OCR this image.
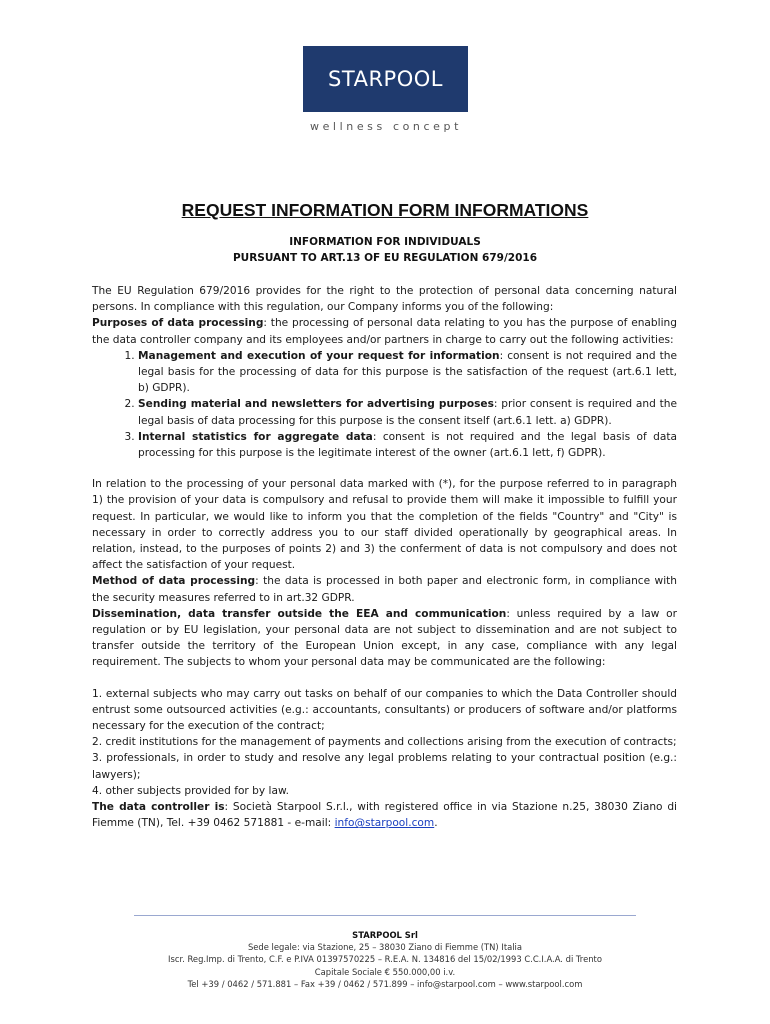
STARPOOL
wellness concept
REQUEST INFORMATION FORM INFORMATIONS
INFORMATION FOR INDIVIDUALS
PURSUANT TO ART.13 OF EU REGULATION 679/2016

The EU Regulation 679/2016 provides for the right to the protection of personal data concerning natural persons. In compliance with this regulation, our Company informs you of the following:

Purposes of data processing: the processing of personal data relating to you has the purpose of enabling the data controller company and its employees and/or partners in charge to carry out the following activities:

1. Management and execution of your request for information: consent is not required and the legal basis for the processing of data for this purpose is the satisfaction of the request (art.6.1 lett, b) GDPR).
2. Sending material and newsletters for advertising purposes: prior consent is required and the legal basis of data processing for this purpose is the consent itself (art.6.1 lett. a) GDPR).
3. Internal statistics for aggregate data: consent is not required and the legal basis of data processing for this purpose is the legitimate interest of the owner (art.6.1 lett, f) GDPR).

In relation to the processing of your personal data marked with (*), for the purpose referred to in paragraph 1) the provision of your data is compulsory and refusal to provide them will make it impossible to fulfill your request. In particular, we would like to inform you that the completion of the fields "Country" and "City" is necessary in order to correctly address you to our staff divided operationally by geographical areas. In relation, instead, to the purposes of points 2) and 3) the conferment of data is not compulsory and does not affect the satisfaction of your request.

Method of data processing: the data is processed in both paper and electronic form, in compliance with the security measures referred to in art.32 GDPR.

Dissemination, data transfer outside the EEA and communication: unless required by a law or regulation or by EU legislation, your personal data are not subject to dissemination and are not subject to transfer outside the territory of the European Union except, in any case, compliance with any legal requirement. The subjects to whom your personal data may be communicated are the following:

1. external subjects who may carry out tasks on behalf of our companies to which the Data Controller should entrust some outsourced activities (e.g.: accountants, consultants) or producers of software and/or platforms necessary for the execution of the contract;

2. credit institutions for the management of payments and collections arising from the execution of contracts;

3. professionals, in order to study and resolve any legal problems relating to your contractual position (e.g.: lawyers);

4. other subjects provided for by law.

The data controller is: Società Starpool S.r.l., with registered office in via Stazione n.25, 38030 Ziano di Fiemme (TN), Tel. +39 0462 571881 - e-mail: info@starpool.com.

STARPOOL Srl
Sede legale: via Stazione, 25 – 38030 Ziano di Fiemme (TN) Italia
Iscr. Reg.Imp. di Trento, C.F. e P.IVA 01397570225 – R.E.A. N. 134816 del 15/02/1993 C.C.I.A.A. di Trento
Capitale Sociale € 550.000,00 i.v.
Tel +39 / 0462 / 571.881 – Fax +39 / 0462 / 571.899 – info@starpool.com – www.starpool.com
